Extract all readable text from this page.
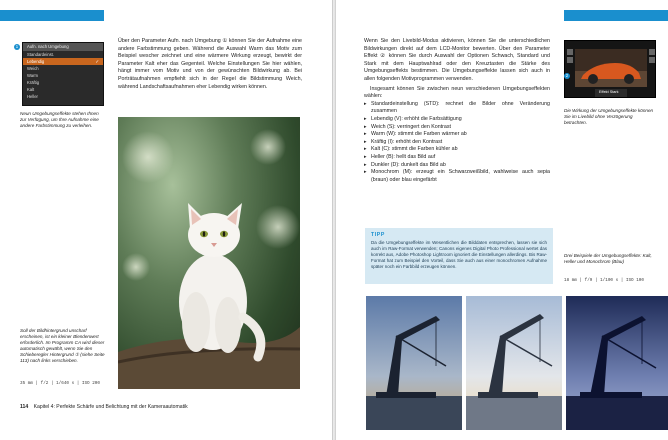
Aufn. nach Umgebung
Standardeinst.
Lebendig	✓
Weich
Warm
Kräftig
Kalt
Heller
1
Neun Umgebungseffekte stehen Ihnen zur Verfügung, um Ihre Aufnahme eine andere Farbstimmung zu verleihen.

Über den Parameter Aufn. nach Umgebung ① können Sie der Aufnahme eine andere Farbstimmung geben. Während die Auswahl Warm das Motiv zum Beispiel wescher zeichnet und eine wärmere Wirkung erzeugt, bewirkt der Parameter Kalt eher das Gegenteil. Welche Einstellungen Sie hier wählen, hängt immer vom Motiv und von der gewünschten Bildwirkung ab. Bei Porträtaufnahmen empfiehlt sich in der Regel die Bildstimmung Weich, während Landschaftsaufnahmen eher Lebendig wirken können.

Soll der Bildhintergrund unscharf erscheinen, ist ein kleiner Blendenwert erforderlich. Im Programm CA wird dieser automatisch gewählt, wenn Sie den Schieberegler Hintergrund ① (siehe Seite 113) nach links verschieben.
35 mm | f/2 | 1/640 s | ISO 200
114 Kapitel 4: Perfekte Schärfe und Belichtung mit der Kameraautomatik

Wenn Sie den Livebild-Modus aktivieren, können Sie die unterschiedlichen Bildwirkungen direkt auf dem LCD-Monitor bewerten. Über den Parameter Effekt ② können Sie durch Auswahl der Optionen Schwach, Standard und Stark mit dem Hauptwahlrad oder den Kreuztasten die Stärke des Umgebungseffekts bestimmen. Die Umgebungseffekte lassen sich auch in allen folgenden Motivprogrammen verwenden.

Insgesamt können Sie zwischen neun verschiedenen Umgebungseffekten wählen:

▸ Standardeinstellung (STD): rechnet die Bilder ohne Veränderung zusammen
▸ Lebendig (V): erhöht die Farbsättigung
▸ Weich (S): verringert den Kontrast
▸ Warm (W): stimmt die Farben wärmer ab
▸ Kräftig (I): erhöht den Kontrast
▸ Kalt (C): stimmt die Farben kühler ab
▸ Heller (B): hellt das Bild auf
▸ Dunkler (D): dunkelt das Bild ab
▸ Monochrom (M): erzeugt ein Schwarzweißbild, wahlweise auch sepia (braun) oder blau eingefärbt
TIPP
Da die Umgebungseffekte im Wesentlichen die Bilddaten entsprechen, lassen sie sich auch im Raw-Format verwenden; Canons eigenes Digital Photo Professional wertet das korrekt aus, Adobe Photoshop Lightroom ignoriert die Einstellungen allerdings. Bis Raw-Format hat zum Beispiel den Vorteil, dass Sie auch aus einer monochromen Aufnahme später noch ein Farbbild erzeugen können.
Effekt Stark
2
Die Wirkung der Umgebungseffekte können Sie im Livebild ohne Verzögerung betrachten.
Drei Beispiele der Umgebungseffekte: Kalt, Heller und Monochrom (Blau)
18 mm | f/9 | 1/100 s | ISO 100
